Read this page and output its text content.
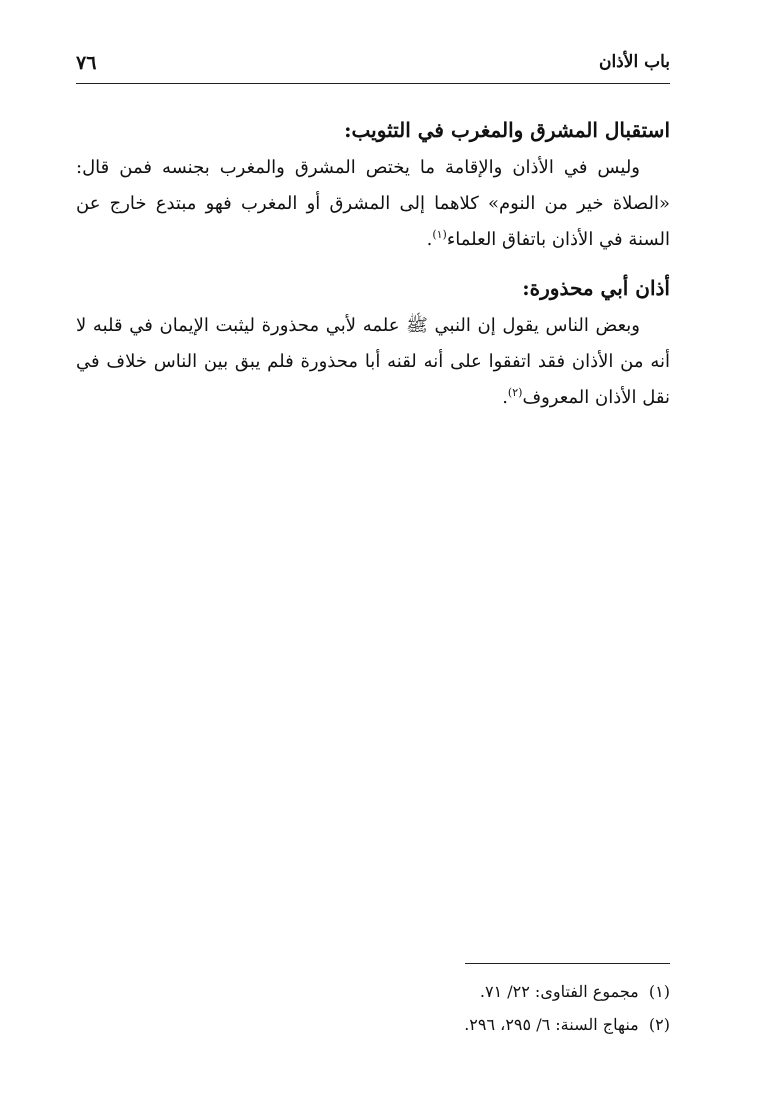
باب الأذان
٧٦

استقبال المشرق والمغرب في التثويب:

وليس في الأذان والإقامة ما يختص المشرق والمغرب بجنسه فمن قال: «الصلاة خير من النوم» كلاهما إلى المشرق أو المغرب فهو مبتدع خارج عن السنة في الأذان باتفاق العلماء$^{(١)}$.

أذان أبي محذورة:

وبعض الناس يقول إن النبي ﷺ علمه لأبي محذورة ليثبت الإيمان في قلبه لا أنه من الأذان فقد اتفقوا على أنه لقنه أبا محذورة فلم يبق بين الناس خلاف في نقل الأذان المعروف$^{(٢)}$.

(١)  مجموع الفتاوى: ٢٢/ ٧١.
(٢)  منهاج السنة: ٦/ ٢٩٥، ٢٩٦.
